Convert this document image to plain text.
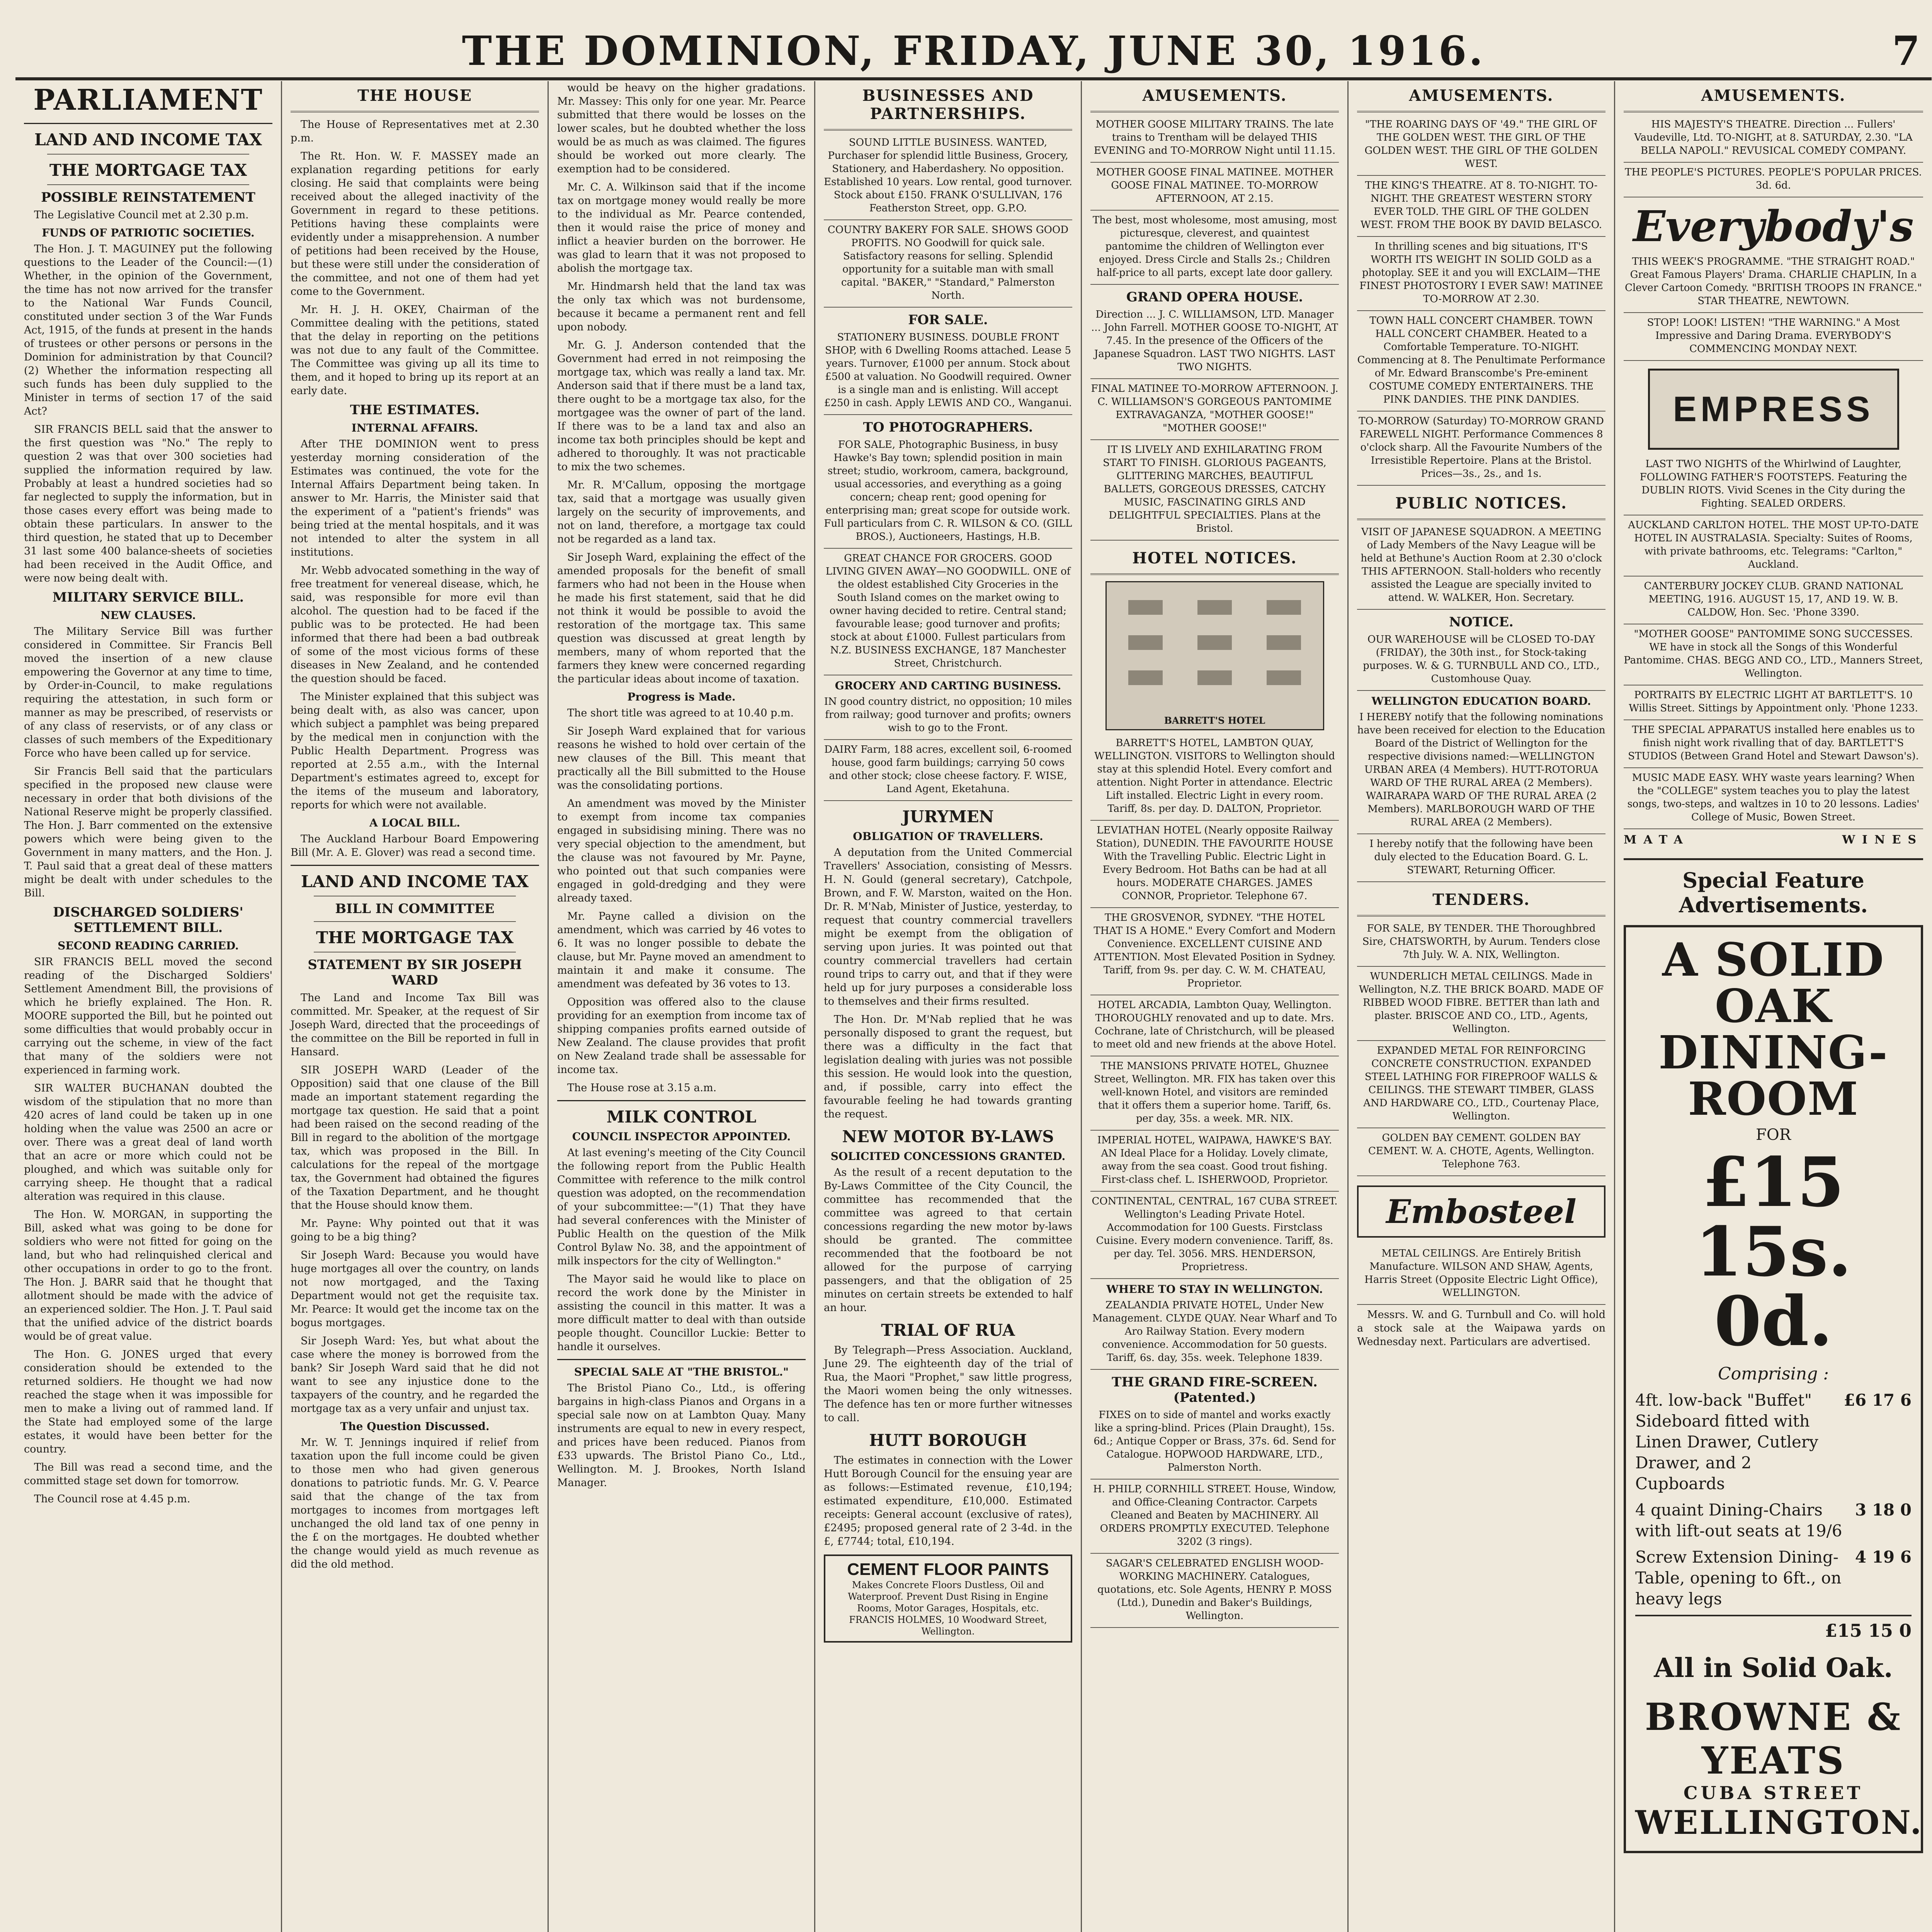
THE DOMINION, FRIDAY, JUNE 30, 1916.	7
PARLIAMENT
LAND AND INCOME TAX
THE MORTGAGE TAX
POSSIBLE REINSTATEMENT

The Legislative Council met at 2.30 p.m.

FUNDS OF PATRIOTIC SOCIETIES.

The Hon. J. T. MAGUINEY put the following questions to the Leader of the Council:—(1) Whether, in the opinion of the Government, the time has not now arrived for the transfer to the National War Funds Council, constituted under section 3 of the War Funds Act, 1915, of the funds at present in the hands of trustees or other persons or persons in the Dominion for administration by that Council? (2) Whether the information respecting all such funds has been duly supplied to the Minister in terms of section 17 of the said Act?

SIR FRANCIS BELL said that the answer to the first question was "No." The reply to question 2 was that over 300 societies had supplied the information required by law. Probably at least a hundred societies had so far neglected to supply the information, but in those cases every effort was being made to obtain these particulars. In answer to the third question, he stated that up to December 31 last some 400 balance-sheets of societies had been received in the Audit Office, and were now being dealt with.

MILITARY SERVICE BILL.
NEW CLAUSES.

The Military Service Bill was further considered in Committee. Sir Francis Bell moved the insertion of a new clause empowering the Governor at any time to time, by Order-in-Council, to make regulations requiring the attestation, in such form or manner as may be prescribed, of reservists or of any class of reservists, or of any class or classes of such members of the Expeditionary Force who have been called up for service.

Sir Francis Bell said that the particulars specified in the proposed new clause were necessary in order that both divisions of the National Reserve might be properly classified. The Hon. J. Barr commented on the extensive powers which were being given to the Government in many matters, and the Hon. J. T. Paul said that a great deal of these matters might be dealt with under schedules to the Bill.

DISCHARGED SOLDIERS' SETTLEMENT BILL.
SECOND READING CARRIED.

SIR FRANCIS BELL moved the second reading of the Discharged Soldiers' Settlement Amendment Bill, the provisions of which he briefly explained. The Hon. R. MOORE supported the Bill, but he pointed out some difficulties that would probably occur in carrying out the scheme, in view of the fact that many of the soldiers were not experienced in farming work.

SIR WALTER BUCHANAN doubted the wisdom of the stipulation that no more than 420 acres of land could be taken up in one holding when the value was 2500 an acre or over. There was a great deal of land worth that an acre or more which could not be ploughed, and which was suitable only for carrying sheep. He thought that a radical alteration was required in this clause.

The Hon. W. MORGAN, in supporting the Bill, asked what was going to be done for soldiers who were not fitted for going on the land, but who had relinquished clerical and other occupations in order to go to the front. The Hon. J. BARR said that he thought that allotment should be made with the advice of an experienced soldier. The Hon. J. T. Paul said that the unified advice of the district boards would be of great value.

The Hon. G. JONES urged that every consideration should be extended to the returned soldiers. He thought we had now reached the stage when it was impossible for men to make a living out of rammed land. If the State had employed some of the large estates, it would have been better for the country.

The Bill was read a second time, and the committed stage set down for tomorrow.

The Council rose at 4.45 p.m.

THE HOUSE

The House of Representatives met at 2.30 p.m.

The Rt. Hon. W. F. MASSEY made an explanation regarding petitions for early closing. He said that complaints were being received about the alleged inactivity of the Government in regard to these petitions. Petitions having these complaints were evidently under a misapprehension. A number of petitions had been received by the House, but these were still under the consideration of the committee, and not one of them had yet come to the Government.

Mr. H. J. H. OKEY, Chairman of the Committee dealing with the petitions, stated that the delay in reporting on the petitions was not due to any fault of the Committee. The Committee was giving up all its time to them, and it hoped to bring up its report at an early date.

THE ESTIMATES.
INTERNAL AFFAIRS.

After THE DOMINION went to press yesterday morning consideration of the Estimates was continued, the vote for the Internal Affairs Department being taken. In answer to Mr. Harris, the Minister said that the experiment of a "patient's friends" was being tried at the mental hospitals, and it was not intended to alter the system in all institutions.

Mr. Webb advocated something in the way of free treatment for venereal disease, which, he said, was responsible for more evil than alcohol. The question had to be faced if the public was to be protected. He had been informed that there had been a bad outbreak of some of the most vicious forms of these diseases in New Zealand, and he contended the question should be faced.

The Minister explained that this subject was being dealt with, as also was cancer, upon which subject a pamphlet was being prepared by the medical men in conjunction with the Public Health Department. Progress was reported at 2.55 a.m., with the Internal Department's estimates agreed to, except for the items of the museum and laboratory, reports for which were not available.

A LOCAL BILL.

The Auckland Harbour Board Empowering Bill (Mr. A. E. Glover) was read a second time.

LAND AND INCOME TAX
BILL IN COMMITTEE
THE MORTGAGE TAX
STATEMENT BY SIR JOSEPH WARD

The Land and Income Tax Bill was committed. Mr. Speaker, at the request of Sir Joseph Ward, directed that the proceedings of the committee on the Bill be reported in full in Hansard.

SIR JOSEPH WARD (Leader of the Opposition) said that one clause of the Bill made an important statement regarding the mortgage tax question. He said that a point had been raised on the second reading of the Bill in regard to the abolition of the mortgage tax, which was proposed in the Bill. In calculations for the repeal of the mortgage tax, the Government had obtained the figures of the Taxation Department, and he thought that the House should know them.

Mr. Payne: Why pointed out that it was going to be a big thing?

Sir Joseph Ward: Because you would have huge mortgages all over the country, on lands not now mortgaged, and the Taxing Department would not get the requisite tax. Mr. Pearce: It would get the income tax on the bogus mortgages.

Sir Joseph Ward: Yes, but what about the case where the money is borrowed from the bank? Sir Joseph Ward said that he did not want to see any injustice done to the taxpayers of the country, and he regarded the mortgage tax as a very unfair and unjust tax.

The Question Discussed.

Mr. W. T. Jennings inquired if relief from taxation upon the full income could be given to those men who had given generous donations to patriotic funds. Mr. G. V. Pearce said that the change of the tax from mortgages to incomes from mortgages left unchanged the old land tax of one penny in the £ on the mortgages. He doubted whether the change would yield as much revenue as did the old method.

would be heavy on the higher gradations. Mr. Massey: This only for one year. Mr. Pearce submitted that there would be losses on the lower scales, but he doubted whether the loss would be as much as was claimed. The figures should be worked out more clearly. The exemption had to be considered.

Mr. C. A. Wilkinson said that if the income tax on mortgage money would really be more to the individual as Mr. Pearce contended, then it would raise the price of money and inflict a heavier burden on the borrower. He was glad to learn that it was not proposed to abolish the mortgage tax.

Mr. Hindmarsh held that the land tax was the only tax which was not burdensome, because it became a permanent rent and fell upon nobody.

Mr. G. J. Anderson contended that the Government had erred in not reimposing the mortgage tax, which was really a land tax. Mr. Anderson said that if there must be a land tax, there ought to be a mortgage tax also, for the mortgagee was the owner of part of the land. If there was to be a land tax and also an income tax both principles should be kept and adhered to thoroughly. It was not practicable to mix the two schemes.

Mr. R. M'Callum, opposing the mortgage tax, said that a mortgage was usually given largely on the security of improvements, and not on land, therefore, a mortgage tax could not be regarded as a land tax.

Sir Joseph Ward, explaining the effect of the amended proposals for the benefit of small farmers who had not been in the House when he made his first statement, said that he did not think it would be possible to avoid the restoration of the mortgage tax. This same question was discussed at great length by members, many of whom reported that the farmers they knew were concerned regarding the particular ideas about income of taxation.

Progress is Made.

The short title was agreed to at 10.40 p.m.

Sir Joseph Ward explained that for various reasons he wished to hold over certain of the new clauses of the Bill. This meant that practically all the Bill submitted to the House was the consolidating portions.

An amendment was moved by the Minister to exempt from income tax companies engaged in subsidising mining. There was no very special objection to the amendment, but the clause was not favoured by Mr. Payne, who pointed out that such companies were engaged in gold-dredging and they were already taxed.

Mr. Payne called a division on the amendment, which was carried by 46 votes to 6. It was no longer possible to debate the clause, but Mr. Payne moved an amendment to maintain it and make it consume. The amendment was defeated by 36 votes to 13.

Opposition was offered also to the clause providing for an exemption from income tax of shipping companies profits earned outside of New Zealand. The clause provides that profit on New Zealand trade shall be assessable for income tax.

The House rose at 3.15 a.m.

MILK CONTROL
COUNCIL INSPECTOR APPOINTED.

At last evening's meeting of the City Council the following report from the Public Health Committee with reference to the milk control question was adopted, on the recommendation of your subcommittee:—"(1) That they have had several conferences with the Minister of Public Health on the question of the Milk Control Bylaw No. 38, and the appointment of milk inspectors for the city of Wellington."

The Mayor said he would like to place on record the work done by the Minister in assisting the council in this matter. It was a more difficult matter to deal with than outside people thought. Councillor Luckie: Better to handle it ourselves.

SPECIAL SALE AT "THE BRISTOL."

The Bristol Piano Co., Ltd., is offering bargains in high-class Pianos and Organs in a special sale now on at Lambton Quay. Many instruments are equal to new in every respect, and prices have been reduced. Pianos from £33 upwards. The Bristol Piano Co., Ltd., Wellington. M. J. Brookes, North Island Manager.

BUSINESSES AND PARTNERSHIPS.
SOUND LITTLE BUSINESS. WANTED, Purchaser for splendid little Business, Grocery, Stationery, and Haberdashery. No opposition. Established 10 years. Low rental, good turnover. Stock about £150. FRANK O'SULLIVAN, 176 Featherston Street, opp. G.P.O.
COUNTRY BAKERY FOR SALE. SHOWS GOOD PROFITS. NO Goodwill for quick sale. Satisfactory reasons for selling. Splendid opportunity for a suitable man with small capital. "BAKER," "Standard," Palmerston North.
FOR SALE.
STATIONERY BUSINESS. DOUBLE FRONT SHOP, with 6 Dwelling Rooms attached. Lease 5 years. Turnover, £1000 per annum. Stock about £500 at valuation. No Goodwill required. Owner is a single man and is enlisting. Will accept £250 in cash. Apply LEWIS AND CO., Wanganui.
TO PHOTOGRAPHERS.
FOR SALE, Photographic Business, in busy Hawke's Bay town; splendid position in main street; studio, workroom, camera, background, usual accessories, and everything as a going concern; cheap rent; good opening for enterprising man; great scope for outside work. Full particulars from C. R. WILSON & CO. (GILL BROS.), Auctioneers, Hastings, H.B.
GREAT CHANCE FOR GROCERS. GOOD LIVING GIVEN AWAY—NO GOODWILL. ONE of the oldest established City Groceries in the South Island comes on the market owing to owner having decided to retire. Central stand; favourable lease; good turnover and profits; stock at about £1000. Fullest particulars from N.Z. BUSINESS EXCHANGE, 187 Manchester Street, Christchurch.
GROCERY AND CARTING BUSINESS.
IN good country district, no opposition; 10 miles from railway; good turnover and profits; owners wish to go to the Front.
DAIRY Farm, 188 acres, excellent soil, 6-roomed house, good farm buildings; carrying 50 cows and other stock; close cheese factory. F. WISE, Land Agent, Eketahuna.
JURYMEN
OBLIGATION OF TRAVELLERS.

A deputation from the United Commercial Travellers' Association, consisting of Messrs. H. N. Gould (general secretary), Catchpole, Brown, and F. W. Marston, waited on the Hon. Dr. R. M'Nab, Minister of Justice, yesterday, to request that country commercial travellers might be exempt from the obligation of serving upon juries. It was pointed out that country commercial travellers had certain round trips to carry out, and that if they were held up for jury purposes a considerable loss to themselves and their firms resulted.

The Hon. Dr. M'Nab replied that he was personally disposed to grant the request, but there was a difficulty in the fact that legislation dealing with juries was not possible this session. He would look into the question, and, if possible, carry into effect the favourable feeling he had towards granting the request.

NEW MOTOR BY-LAWS
SOLICITED CONCESSIONS GRANTED.

As the result of a recent deputation to the By-Laws Committee of the City Council, the committee has recommended that the committee was agreed to that certain concessions regarding the new motor by-laws should be granted. The committee recommended that the footboard be not allowed for the purpose of carrying passengers, and that the obligation of 25 minutes on certain streets be extended to half an hour.

TRIAL OF RUA

By Telegraph—Press Association. Auckland, June 29. The eighteenth day of the trial of Rua, the Maori "Prophet," saw little progress, the Maori women being the only witnesses. The defence has ten or more further witnesses to call.

HUTT BOROUGH

The estimates in connection with the Lower Hutt Borough Council for the ensuing year are as follows:—Estimated revenue, £10,194; estimated expenditure, £10,000. Estimated receipts: General account (exclusive of rates), £2495; proposed general rate of 2 3-4d. in the £, £7744; total, £10,194.

CEMENT FLOOR PAINTS
Makes Concrete Floors Dustless, Oil and Waterproof. Prevent Dust Rising in Engine Rooms, Motor Garages, Hospitals, etc.
FRANCIS HOLMES, 10 Woodward Street, Wellington.
AMUSEMENTS.
MOTHER GOOSE MILITARY TRAINS. The late trains to Trentham will be delayed THIS EVENING and TO-MORROW Night until 11.15.
MOTHER GOOSE FINAL MATINEE. MOTHER GOOSE FINAL MATINEE. TO-MORROW AFTERNOON, AT 2.15.
The best, most wholesome, most amusing, most picturesque, cleverest, and quaintest pantomime the children of Wellington ever enjoyed. Dress Circle and Stalls 2s.; Children half-price to all parts, except late door gallery.
GRAND OPERA HOUSE.
Direction ... J. C. WILLIAMSON, LTD. Manager ... John Farrell. MOTHER GOOSE TO-NIGHT, AT 7.45. In the presence of the Officers of the Japanese Squadron. LAST TWO NIGHTS. LAST TWO NIGHTS.
FINAL MATINEE TO-MORROW AFTERNOON. J. C. WILLIAMSON'S GORGEOUS PANTOMIME EXTRAVAGANZA, "MOTHER GOOSE!" "MOTHER GOOSE!"
IT IS LIVELY AND EXHILARATING FROM START TO FINISH. GLORIOUS PAGEANTS, GLITTERING MARCHES, BEAUTIFUL BALLETS, GORGEOUS DRESSES, CATCHY MUSIC, FASCINATING GIRLS AND DELIGHTFUL SPECIALTIES. Plans at the Bristol.
HOTEL NOTICES.
BARRETT'S HOTEL
BARRETT'S HOTEL, LAMBTON QUAY, WELLINGTON. VISITORS to Wellington should stay at this splendid Hotel. Every comfort and attention. Night Porter in attendance. Electric Lift installed. Electric Light in every room. Tariff, 8s. per day. D. DALTON, Proprietor.
LEVIATHAN HOTEL (Nearly opposite Railway Station), DUNEDIN. THE FAVOURITE HOUSE With the Travelling Public. Electric Light in Every Bedroom. Hot Baths can be had at all hours. MODERATE CHARGES. JAMES CONNOR, Proprietor. Telephone 67.
THE GROSVENOR, SYDNEY. "THE HOTEL THAT IS A HOME." Every Comfort and Modern Convenience. EXCELLENT CUISINE AND ATTENTION. Most Elevated Position in Sydney. Tariff, from 9s. per day. C. W. M. CHATEAU, Proprietor.
HOTEL ARCADIA, Lambton Quay, Wellington. THOROUGHLY renovated and up to date. Mrs. Cochrane, late of Christchurch, will be pleased to meet old and new friends at the above Hotel.
THE MANSIONS PRIVATE HOTEL, Ghuznee Street, Wellington. MR. FIX has taken over this well-known Hotel, and visitors are reminded that it offers them a superior home. Tariff, 6s. per day, 35s. a week. MR. NIX.
IMPERIAL HOTEL, WAIPAWA, HAWKE'S BAY. AN Ideal Place for a Holiday. Lovely climate, away from the sea coast. Good trout fishing. First-class chef. L. ISHERWOOD, Proprietor.
CONTINENTAL, CENTRAL, 167 CUBA STREET. Wellington's Leading Private Hotel. Accommodation for 100 Guests. Firstclass Cuisine. Every modern convenience. Tariff, 8s. per day. Tel. 3056. MRS. HENDERSON, Proprietress.
WHERE TO STAY IN WELLINGTON.
ZEALANDIA PRIVATE HOTEL, Under New Management. CLYDE QUAY. Near Wharf and To Aro Railway Station. Every modern convenience. Accommodation for 50 guests. Tariff, 6s. day, 35s. week. Telephone 1839.
THE GRAND FIRE-SCREEN. (Patented.)
FIXES on to side of mantel and works exactly like a spring-blind. Prices (Plain Draught), 15s. 6d.; Antique Copper or Brass, 37s. 6d. Send for Catalogue. HOPWOOD HARDWARE, LTD., Palmerston North.
H. PHILP, CORNHILL STREET. House, Window, and Office-Cleaning Contractor. Carpets Cleaned and Beaten by MACHINERY. All ORDERS PROMPTLY EXECUTED. Telephone 3202 (3 rings).
SAGAR'S CELEBRATED ENGLISH WOOD-WORKING MACHINERY. Catalogues, quotations, etc. Sole Agents, HENRY P. MOSS (Ltd.), Dunedin and Baker's Buildings, Wellington.
AMUSEMENTS.
"THE ROARING DAYS OF '49." THE GIRL OF THE GOLDEN WEST. THE GIRL OF THE GOLDEN WEST. THE GIRL OF THE GOLDEN WEST.
THE KING'S THEATRE. AT 8. TO-NIGHT. TO-NIGHT. THE GREATEST WESTERN STORY EVER TOLD. THE GIRL OF THE GOLDEN WEST. FROM THE BOOK BY DAVID BELASCO.
In thrilling scenes and big situations, IT'S WORTH ITS WEIGHT IN SOLID GOLD as a photoplay. SEE it and you will EXCLAIM—THE FINEST PHOTOSTORY I EVER SAW! MATINEE TO-MORROW AT 2.30.
TOWN HALL CONCERT CHAMBER. TOWN HALL CONCERT CHAMBER. Heated to a Comfortable Temperature. TO-NIGHT. Commencing at 8. The Penultimate Performance of Mr. Edward Branscombe's Pre-eminent COSTUME COMEDY ENTERTAINERS. THE PINK DANDIES. THE PINK DANDIES.
TO-MORROW (Saturday) TO-MORROW GRAND FAREWELL NIGHT. Performance Commences 8 o'clock sharp. All the Favourite Numbers of the Irresistible Repertoire. Plans at the Bristol. Prices—3s., 2s., and 1s.
PUBLIC NOTICES.
VISIT OF JAPANESE SQUADRON. A MEETING of Lady Members of the Navy League will be held at Bethune's Auction Room at 2.30 o'clock THIS AFTERNOON. Stall-holders who recently assisted the League are specially invited to attend. W. WALKER, Hon. Secretary.
NOTICE.
OUR WAREHOUSE will be CLOSED TO-DAY (FRIDAY), the 30th inst., for Stock-taking purposes. W. & G. TURNBULL AND CO., LTD., Customhouse Quay.
WELLINGTON EDUCATION BOARD.
I HEREBY notify that the following nominations have been received for election to the Education Board of the District of Wellington for the respective divisions named:—WELLINGTON URBAN AREA (4 Members). HUTT-ROTORUA WARD OF THE RURAL AREA (2 Members). WAIRARAPA WARD OF THE RURAL AREA (2 Members). MARLBOROUGH WARD OF THE RURAL AREA (2 Members).
I hereby notify that the following have been duly elected to the Education Board. G. L. STEWART, Returning Officer.
TENDERS.
FOR SALE, BY TENDER. THE Thoroughbred Sire, CHATSWORTH, by Aurum. Tenders close 7th July. W. A. NIX, Wellington.
WUNDERLICH METAL CEILINGS. Made in Wellington, N.Z. THE BRICK BOARD. MADE OF RIBBED WOOD FIBRE. BETTER than lath and plaster. BRISCOE AND CO., LTD., Agents, Wellington.
EXPANDED METAL FOR REINFORCING CONCRETE CONSTRUCTION. EXPANDED STEEL LATHING FOR FIREPROOF WALLS & CEILINGS. THE STEWART TIMBER, GLASS AND HARDWARE CO., LTD., Courtenay Place, Wellington.
GOLDEN BAY CEMENT. GOLDEN BAY CEMENT. W. A. CHOTE, Agents, Wellington. Telephone 763.
Embosteel
METAL CEILINGS. Are Entirely British Manufacture. WILSON AND SHAW, Agents, Harris Street (Opposite Electric Light Office), WELLINGTON.

Messrs. W. and G. Turnbull and Co. will hold a stock sale at the Waipawa yards on Wednesday next. Particulars are advertised.

AMUSEMENTS.
HIS MAJESTY'S THEATRE. Direction ... Fullers' Vaudeville, Ltd. TO-NIGHT, at 8. SATURDAY, 2.30. "LA BELLA NAPOLI." REVUSICAL COMEDY COMPANY.
THE PEOPLE'S PICTURES. PEOPLE'S POPULAR PRICES. 3d. 6d.
Everybody's
THIS WEEK'S PROGRAMME. "THE STRAIGHT ROAD." Great Famous Players' Drama. CHARLIE CHAPLIN, In a Clever Cartoon Comedy. "BRITISH TROOPS IN FRANCE." STAR THEATRE, NEWTOWN.
STOP! LOOK! LISTEN! "THE WARNING." A Most Impressive and Daring Drama. EVERYBODY'S COMMENCING MONDAY NEXT.
EMPRESS
LAST TWO NIGHTS of the Whirlwind of Laughter, FOLLOWING FATHER'S FOOTSTEPS. Featuring the DUBLIN RIOTS. Vivid Scenes in the City during the Fighting. SEALED ORDERS.
AUCKLAND CARLTON HOTEL. THE MOST UP-TO-DATE HOTEL IN AUSTRALASIA. Specialty: Suites of Rooms, with private bathrooms, etc. Telegrams: "Carlton," Auckland.
CANTERBURY JOCKEY CLUB. GRAND NATIONAL MEETING, 1916. AUGUST 15, 17, AND 19. W. B. CALDOW, Hon. Sec. 'Phone 3390.
"MOTHER GOOSE" PANTOMIME SONG SUCCESSES. WE have in stock all the Songs of this Wonderful Pantomime. CHAS. BEGG AND CO., LTD., Manners Street, Wellington.
PORTRAITS BY ELECTRIC LIGHT AT BARTLETT'S. 10 Willis Street. Sittings by Appointment only. 'Phone 1233.
THE SPECIAL APPARATUS installed here enables us to finish night work rivalling that of day. BARTLETT'S STUDIOS (Between Grand Hotel and Stewart Dawson's).
MUSIC MADE EASY. WHY waste years learning? When the "COLLEGE" system teaches you to play the latest songs, two-steps, and waltzes in 10 to 20 lessons. Ladies' College of Music, Bowen Street.
MATA	WINES
Special Feature Advertisements.
A SOLID OAK
DINING-ROOM
FOR
£15 15s. 0d.
Comprising :
4ft. low-back "Buffet" Sideboard fitted with Linen Drawer, Cutlery Drawer, and 2 Cupboards
£6 17 6
4 quaint Dining-Chairs with lift-out seats at 19/6
3 18 0
Screw Extension Dining-Table, opening to 6ft., on heavy legs
4 19 6
£15 15 0
All in Solid Oak.
BROWNE & YEATS
CUBA STREET
WELLINGTON.
